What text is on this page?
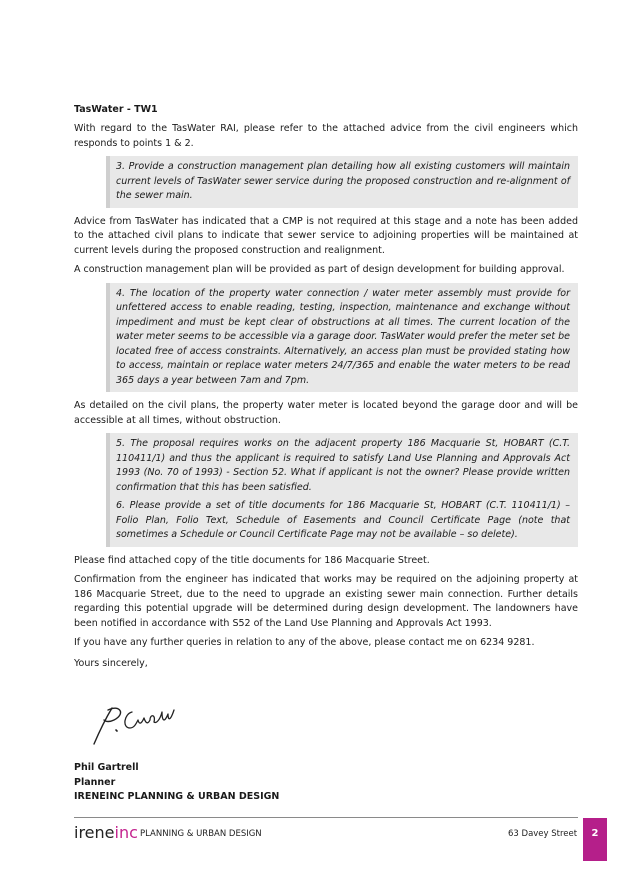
TasWater - TW1

With regard to the TasWater RAI, please refer to the attached advice from the civil engineers which responds to points 1 & 2.

3. Provide a construction management plan detailing how all existing customers will maintain current levels of TasWater sewer service during the proposed construction and re-alignment of the sewer main.

Advice from TasWater has indicated that a CMP is not required at this stage and a note has been added to the attached civil plans to indicate that sewer service to adjoining properties will be maintained at current levels during the proposed construction and realignment.

A construction management plan will be provided as part of design development for building approval.

4. The location of the property water connection / water meter assembly must provide for unfettered access to enable reading, testing, inspection, maintenance and exchange without impediment and must be kept clear of obstructions at all times. The current location of the water meter seems to be accessible via a garage door. TasWater would prefer the meter set be located free of access constraints. Alternatively, an access plan must be provided stating how to access, maintain or replace water meters 24/7/365 and enable the water meters to be read 365 days a year between 7am and 7pm.

As detailed on the civil plans, the property water meter is located beyond the garage door and will be accessible at all times, without obstruction.

5. The proposal requires works on the adjacent property 186 Macquarie St, HOBART (C.T. 110411/1) and thus the applicant is required to satisfy Land Use Planning and Approvals Act 1993 (No. 70 of 1993) - Section 52. What if applicant is not the owner? Please provide written confirmation that this has been satisfied.

6. Please provide a set of title documents for 186 Macquarie St, HOBART (C.T. 110411/1) – Folio Plan, Folio Text, Schedule of Easements and Council Certificate Page (note that sometimes a Schedule or Council Certificate Page may not be available – so delete).

Please find attached copy of the title documents for 186 Macquarie Street.

Confirmation from the engineer has indicated that works may be required on the adjoining property at 186 Macquarie Street, due to the need to upgrade an existing sewer main connection. Further details regarding this potential upgrade will be determined during design development. The landowners have been notified in accordance with S52 of the Land Use Planning and Approvals Act 1993.

If you have any further queries in relation to any of the above, please contact me on 6234 9281.

Yours sincerely,

Phil Gartrell
Planner
IRENEINC PLANNING & URBAN DESIGN
ireneinc PLANNING & URBAN DESIGN	63 Davey Street 2
